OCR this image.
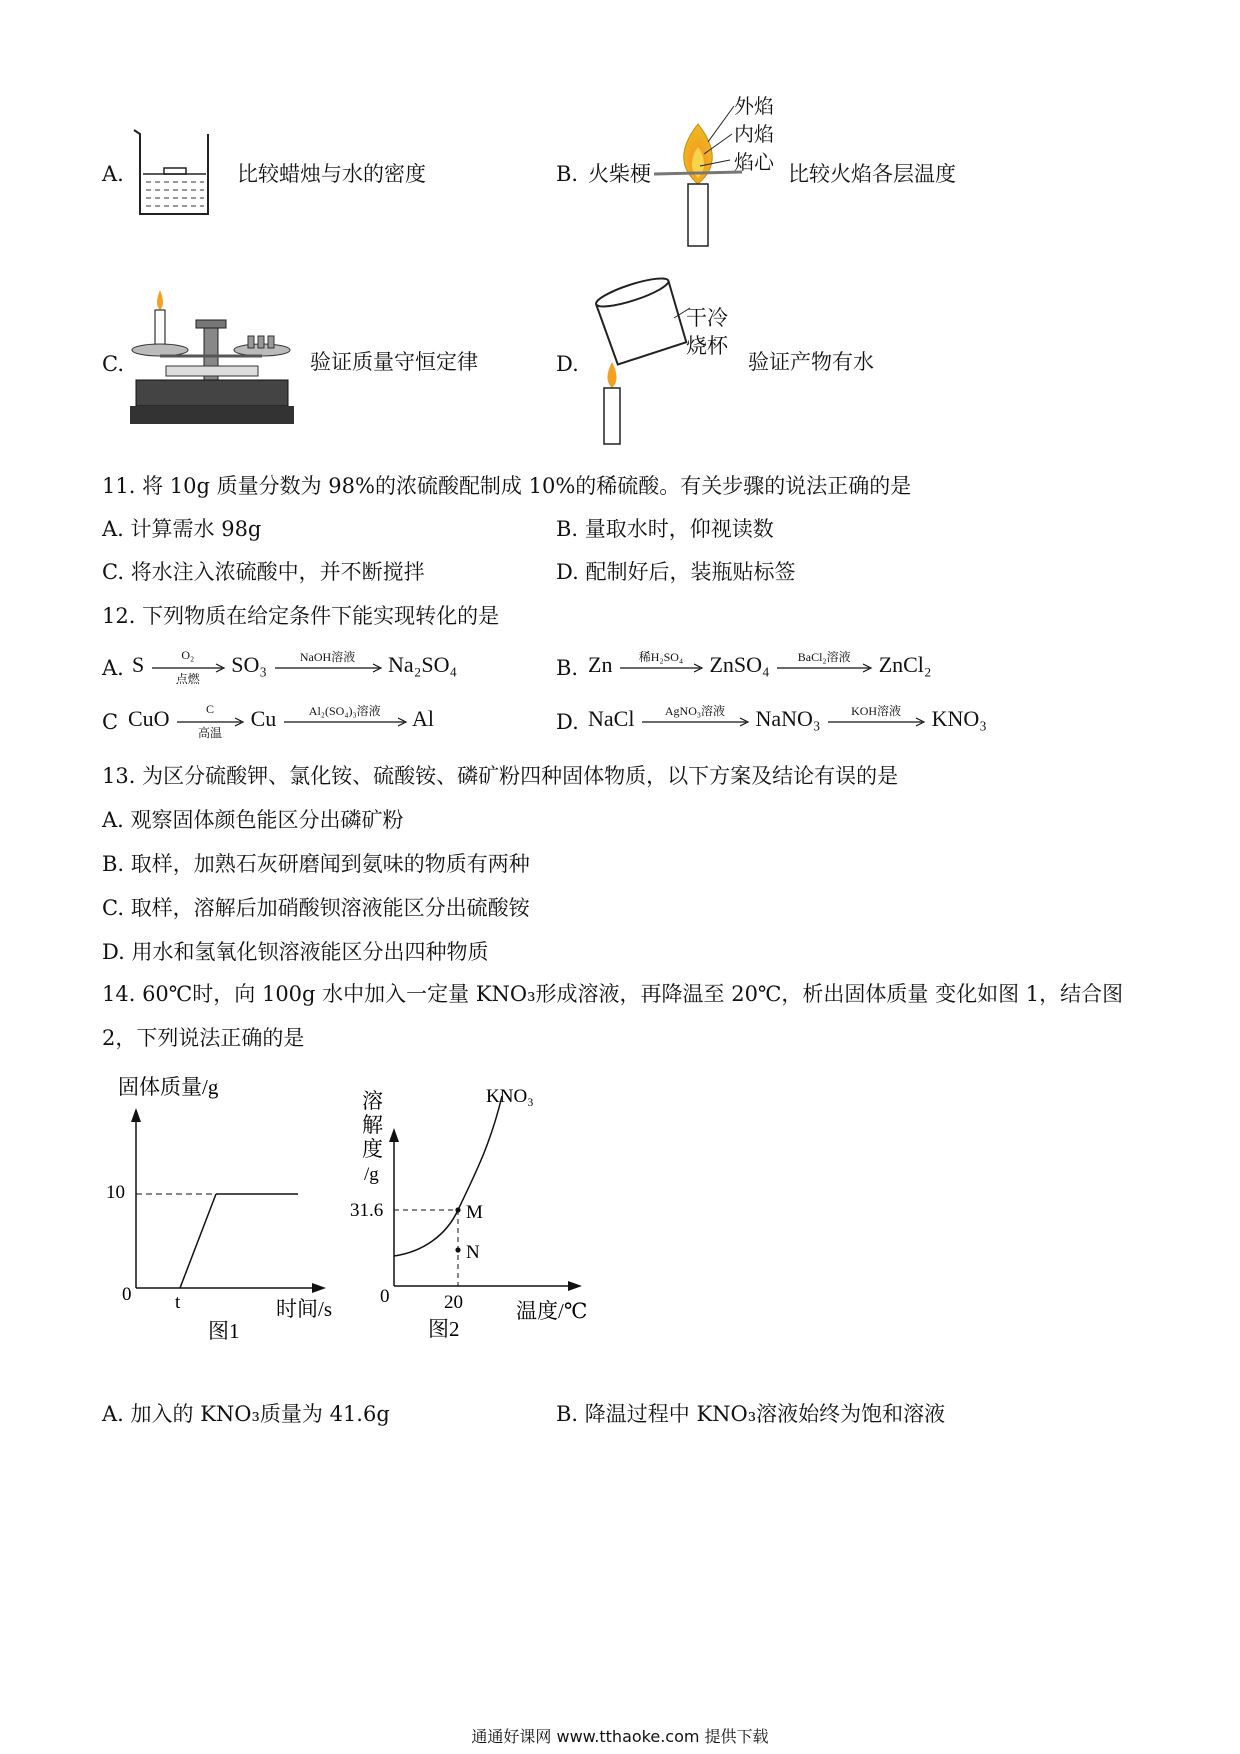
A.	比较蜡烛与水的密度	B. 火柴梗
外焰
内焰
焰心 比较火焰各层温度
C.	验证质量守恒定律	D.
干冷
烧杯
验证产物有水
11. 将 10g 质量分数为 98%的浓硫酸配制成 10%的稀硫酸。有关步骤的说法正确的是
A. 计算需水 98g	B. 量取水时，仰视读数
C. 将水注入浓硫酸中，并不断搅拌	D. 配制好后，装瓶贴标签
12. 下列物质在给定条件下能实现转化的是
A. S	O₂
点燃
SO₃	NaOH溶液	Na₂SO₄	B. Zn	稀H₂SO₄	ZnSO₄	BaCl₂溶液	ZnCl₂
C CuO	C
高温
Cu	Al₂(SO₄)₃溶液	Al	D. NaCl	AgNO₃溶液	NaNO₃	KOH溶液	KNO₃
13. 为区分硫酸钾、氯化铵、硫酸铵、磷矿粉四种固体物质，以下方案及结论有误的是
A. 观察固体颜色能区分出磷矿粉
B. 取样，加熟石灰研磨闻到氨味的物质有两种
C. 取样，溶解后加硝酸钡溶液能区分出硫酸铵
D. 用水和氢氧化钡溶液能区分出四种物质
14. 60℃时，向 100g 水中加入一定量 KNO₃形成溶液，再降温至 20℃，析出固体质量 变化如图 1，结合图
2，下列说法正确的是
固体质量/g
10
0 t	时间/s
图1
溶
解
度
/g
KNO₃
M
N
31.6
0	20	温度/℃
图2
A. 加入的 KNO₃质量为 41.6g	B. 降温过程中 KNO₃溶液始终为饱和溶液
通通好课网 www.tthaoke.com 提供下载
